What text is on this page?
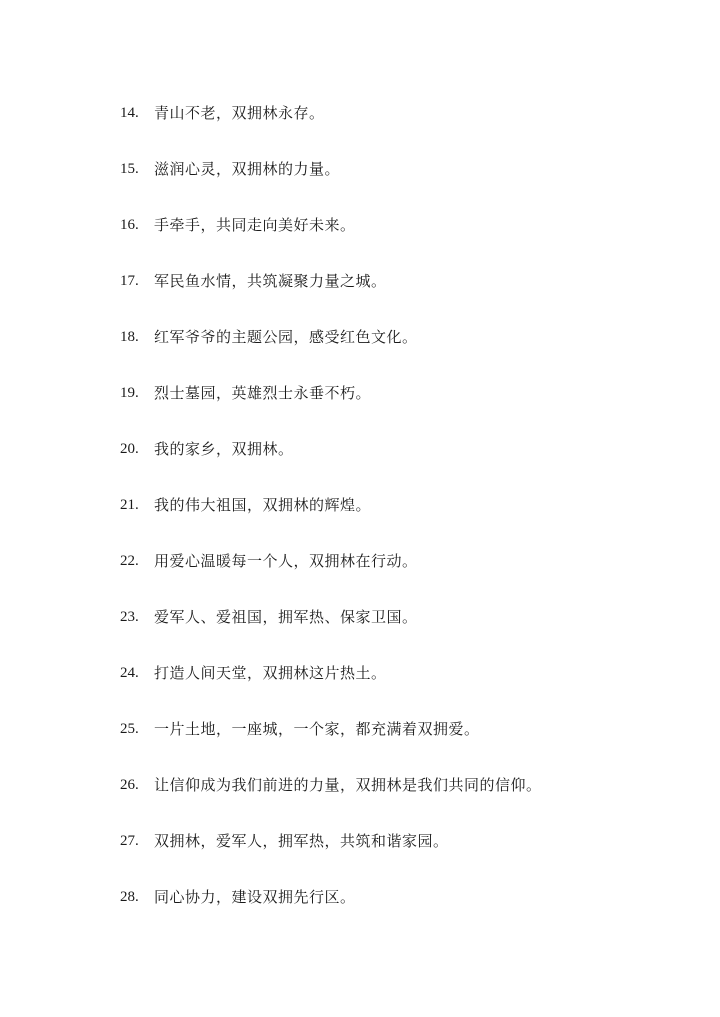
14.	青山不老，双拥林永存。
15.	滋润心灵，双拥林的力量。
16.	手牵手，共同走向美好未来。
17.	军民鱼水情，共筑凝聚力量之城。
18.	红军爷爷的主题公园，感受红色文化。
19.	烈士墓园，英雄烈士永垂不朽。
20.	我的家乡，双拥林。
21.	我的伟大祖国，双拥林的辉煌。
22.	用爱心温暖每一个人，双拥林在行动。
23.	爱军人、爱祖国，拥军热、保家卫国。
24.	打造人间天堂，双拥林这片热土。
25.	一片土地，一座城，一个家，都充满着双拥爱。
26.	让信仰成为我们前进的力量，双拥林是我们共同的信仰。
27.	双拥林，爱军人，拥军热，共筑和谐家园。
28.	同心协力，建设双拥先行区。
